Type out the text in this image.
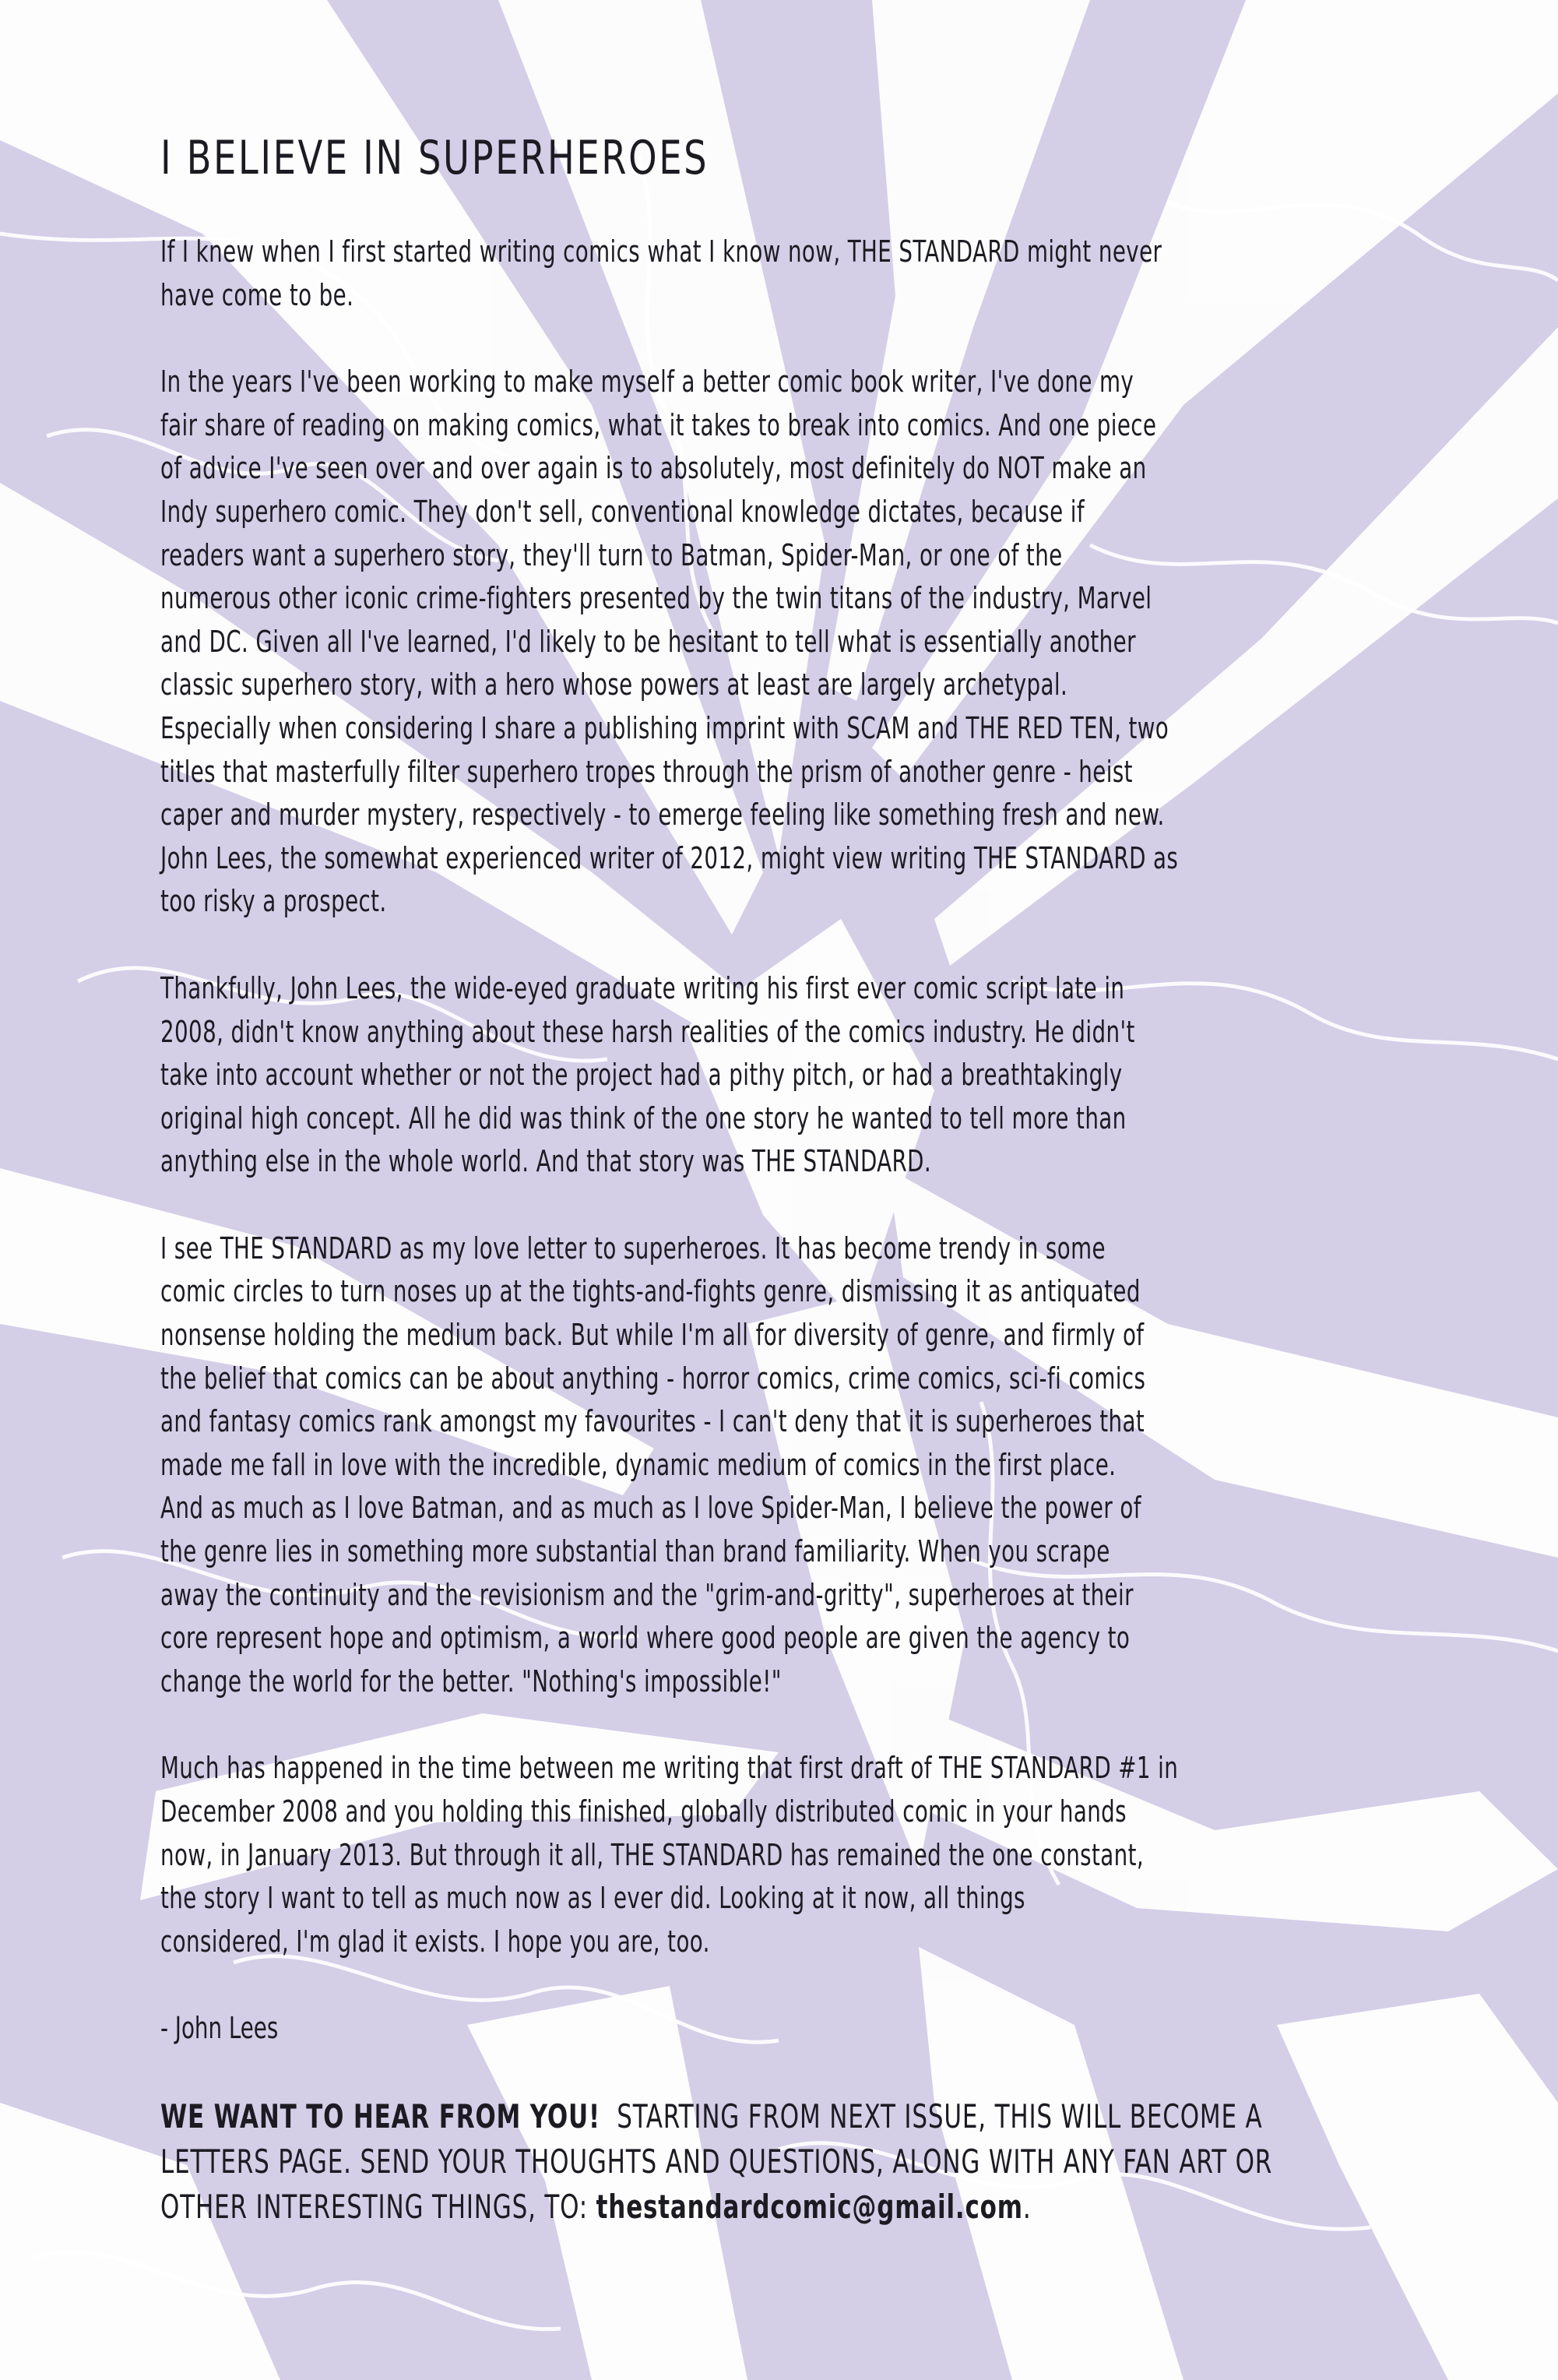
I BELIEVE IN SUPERHEROES
If I knew when I first started writing comics what I know now, THE STANDARD might never
have come to be.
In the years I've been working to make myself a better comic book writer, I've done my
fair share of reading on making comics, what it takes to break into comics. And one piece
of advice I've seen over and over again is to absolutely, most definitely do NOT make an
Indy superhero comic. They don't sell, conventional knowledge dictates, because if
readers want a superhero story, they'll turn to Batman, Spider-Man, or one of the
numerous other iconic crime-fighters presented by the twin titans of the industry, Marvel
and DC. Given all I've learned, I'd likely to be hesitant to tell what is essentially another
classic superhero story, with a hero whose powers at least are largely archetypal.
Especially when considering I share a publishing imprint with SCAM and THE RED TEN, two
titles that masterfully filter superhero tropes through the prism of another genre - heist
caper and murder mystery, respectively - to emerge feeling like something fresh and new.
John Lees, the somewhat experienced writer of 2012, might view writing THE STANDARD as
too risky a prospect.
Thankfully, John Lees, the wide-eyed graduate writing his first ever comic script late in
2008, didn't know anything about these harsh realities of the comics industry. He didn't
take into account whether or not the project had a pithy pitch, or had a breathtakingly
original high concept. All he did was think of the one story he wanted to tell more than
anything else in the whole world. And that story was THE STANDARD.
I see THE STANDARD as my love letter to superheroes. It has become trendy in some
comic circles to turn noses up at the tights-and-fights genre, dismissing it as antiquated
nonsense holding the medium back. But while I'm all for diversity of genre, and firmly of
the belief that comics can be about anything - horror comics, crime comics, sci-fi comics
and fantasy comics rank amongst my favourites - I can't deny that it is superheroes that
made me fall in love with the incredible, dynamic medium of comics in the first place.
And as much as I love Batman, and as much as I love Spider-Man, I believe the power of
the genre lies in something more substantial than brand familiarity. When you scrape
away the continuity and the revisionism and the "grim-and-gritty", superheroes at their
core represent hope and optimism, a world where good people are given the agency to
change the world for the better. "Nothing's impossible!"
Much has happened in the time between me writing that first draft of THE STANDARD #1 in
December 2008 and you holding this finished, globally distributed comic in your hands
now, in January 2013. But through it all, THE STANDARD has remained the one constant,
the story I want to tell as much now as I ever did. Looking at it now, all things
considered, I'm glad it exists. I hope you are, too.
- John Lees
WE WANT TO HEAR FROM YOU!  STARTING FROM NEXT ISSUE, THIS WILL BECOME A
LETTERS PAGE. SEND YOUR THOUGHTS AND QUESTIONS, ALONG WITH ANY FAN ART OR
OTHER INTERESTING THINGS, TO: thestandardcomic@gmail.com.
